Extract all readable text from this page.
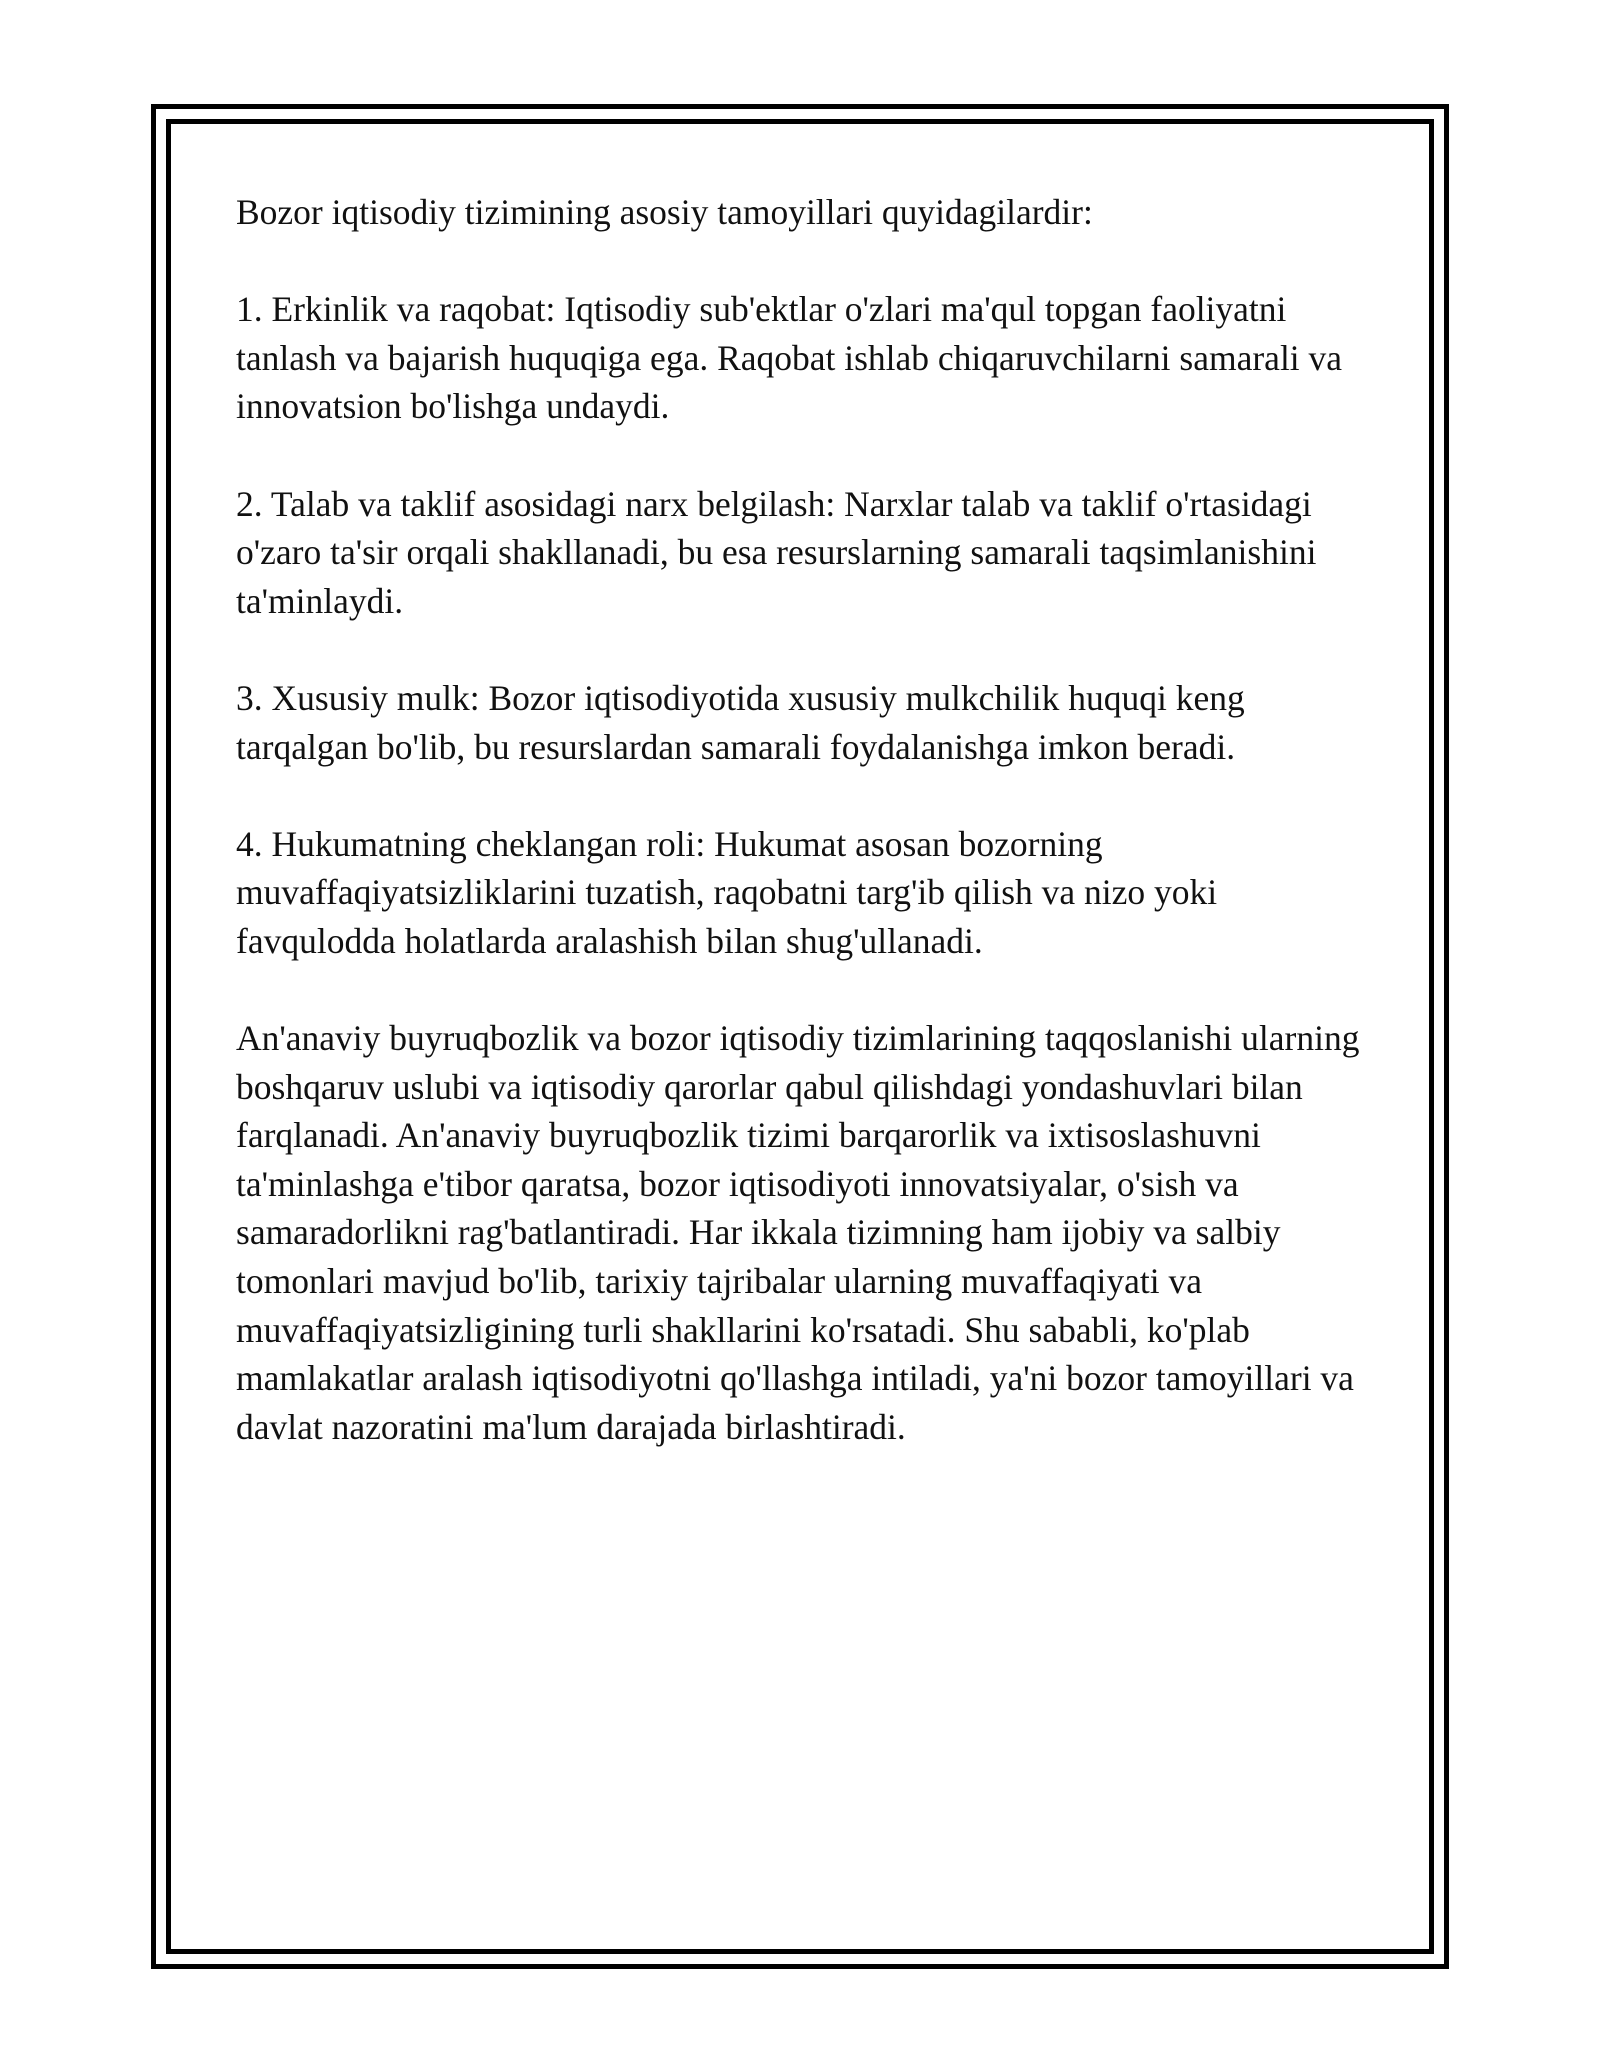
Bozor iqtisodiy tizimining asosiy tamoyillari quyidagilardir:

1. Erkinlik va raqobat: Iqtisodiy sub'ektlar o'zlari ma'qul topgan faoliyatni tanlash va bajarish huquqiga ega. Raqobat ishlab chiqaruvchilarni samarali va innovatsion bo'lishga undaydi.

2. Talab va taklif asosidagi narx belgilash: Narxlar talab va taklif o'rtasidagi o'zaro ta'sir orqali shakllanadi, bu esa resurslarning samarali taqsimlanishini ta'minlaydi.

3. Xususiy mulk: Bozor iqtisodiyotida xususiy mulkchilik huquqi keng tarqalgan bo'lib, bu resurslardan samarali foydalanishga imkon beradi.

4. Hukumatning cheklangan roli: Hukumat asosan bozorning muvaffaqiyatsizliklarini tuzatish, raqobatni targ'ib qilish va nizo yoki favqulodda holatlarda aralashish bilan shug'ullanadi.

An'anaviy buyruqbozlik va bozor iqtisodiy tizimlarining taqqoslanishi ularning boshqaruv uslubi va iqtisodiy qarorlar qabul qilishdagi yondashuvlari bilan farqlanadi. An'anaviy buyruqbozlik tizimi barqarorlik va ixtisoslashuvni ta'minlashga e'tibor qaratsa, bozor iqtisodiyoti innovatsiyalar, o'sish va samaradorlikni rag'batlantiradi. Har ikkala tizimning ham ijobiy va salbiy tomonlari mavjud bo'lib, tarixiy tajribalar ularning muvaffaqiyati va muvaffaqiyatsizligining turli shakllarini ko'rsatadi. Shu sababli, ko'plab mamlakatlar aralash iqtisodiyotni qo'llashga intiladi, ya'ni bozor tamoyillari va davlat nazoratini ma'lum darajada birlashtiradi.
